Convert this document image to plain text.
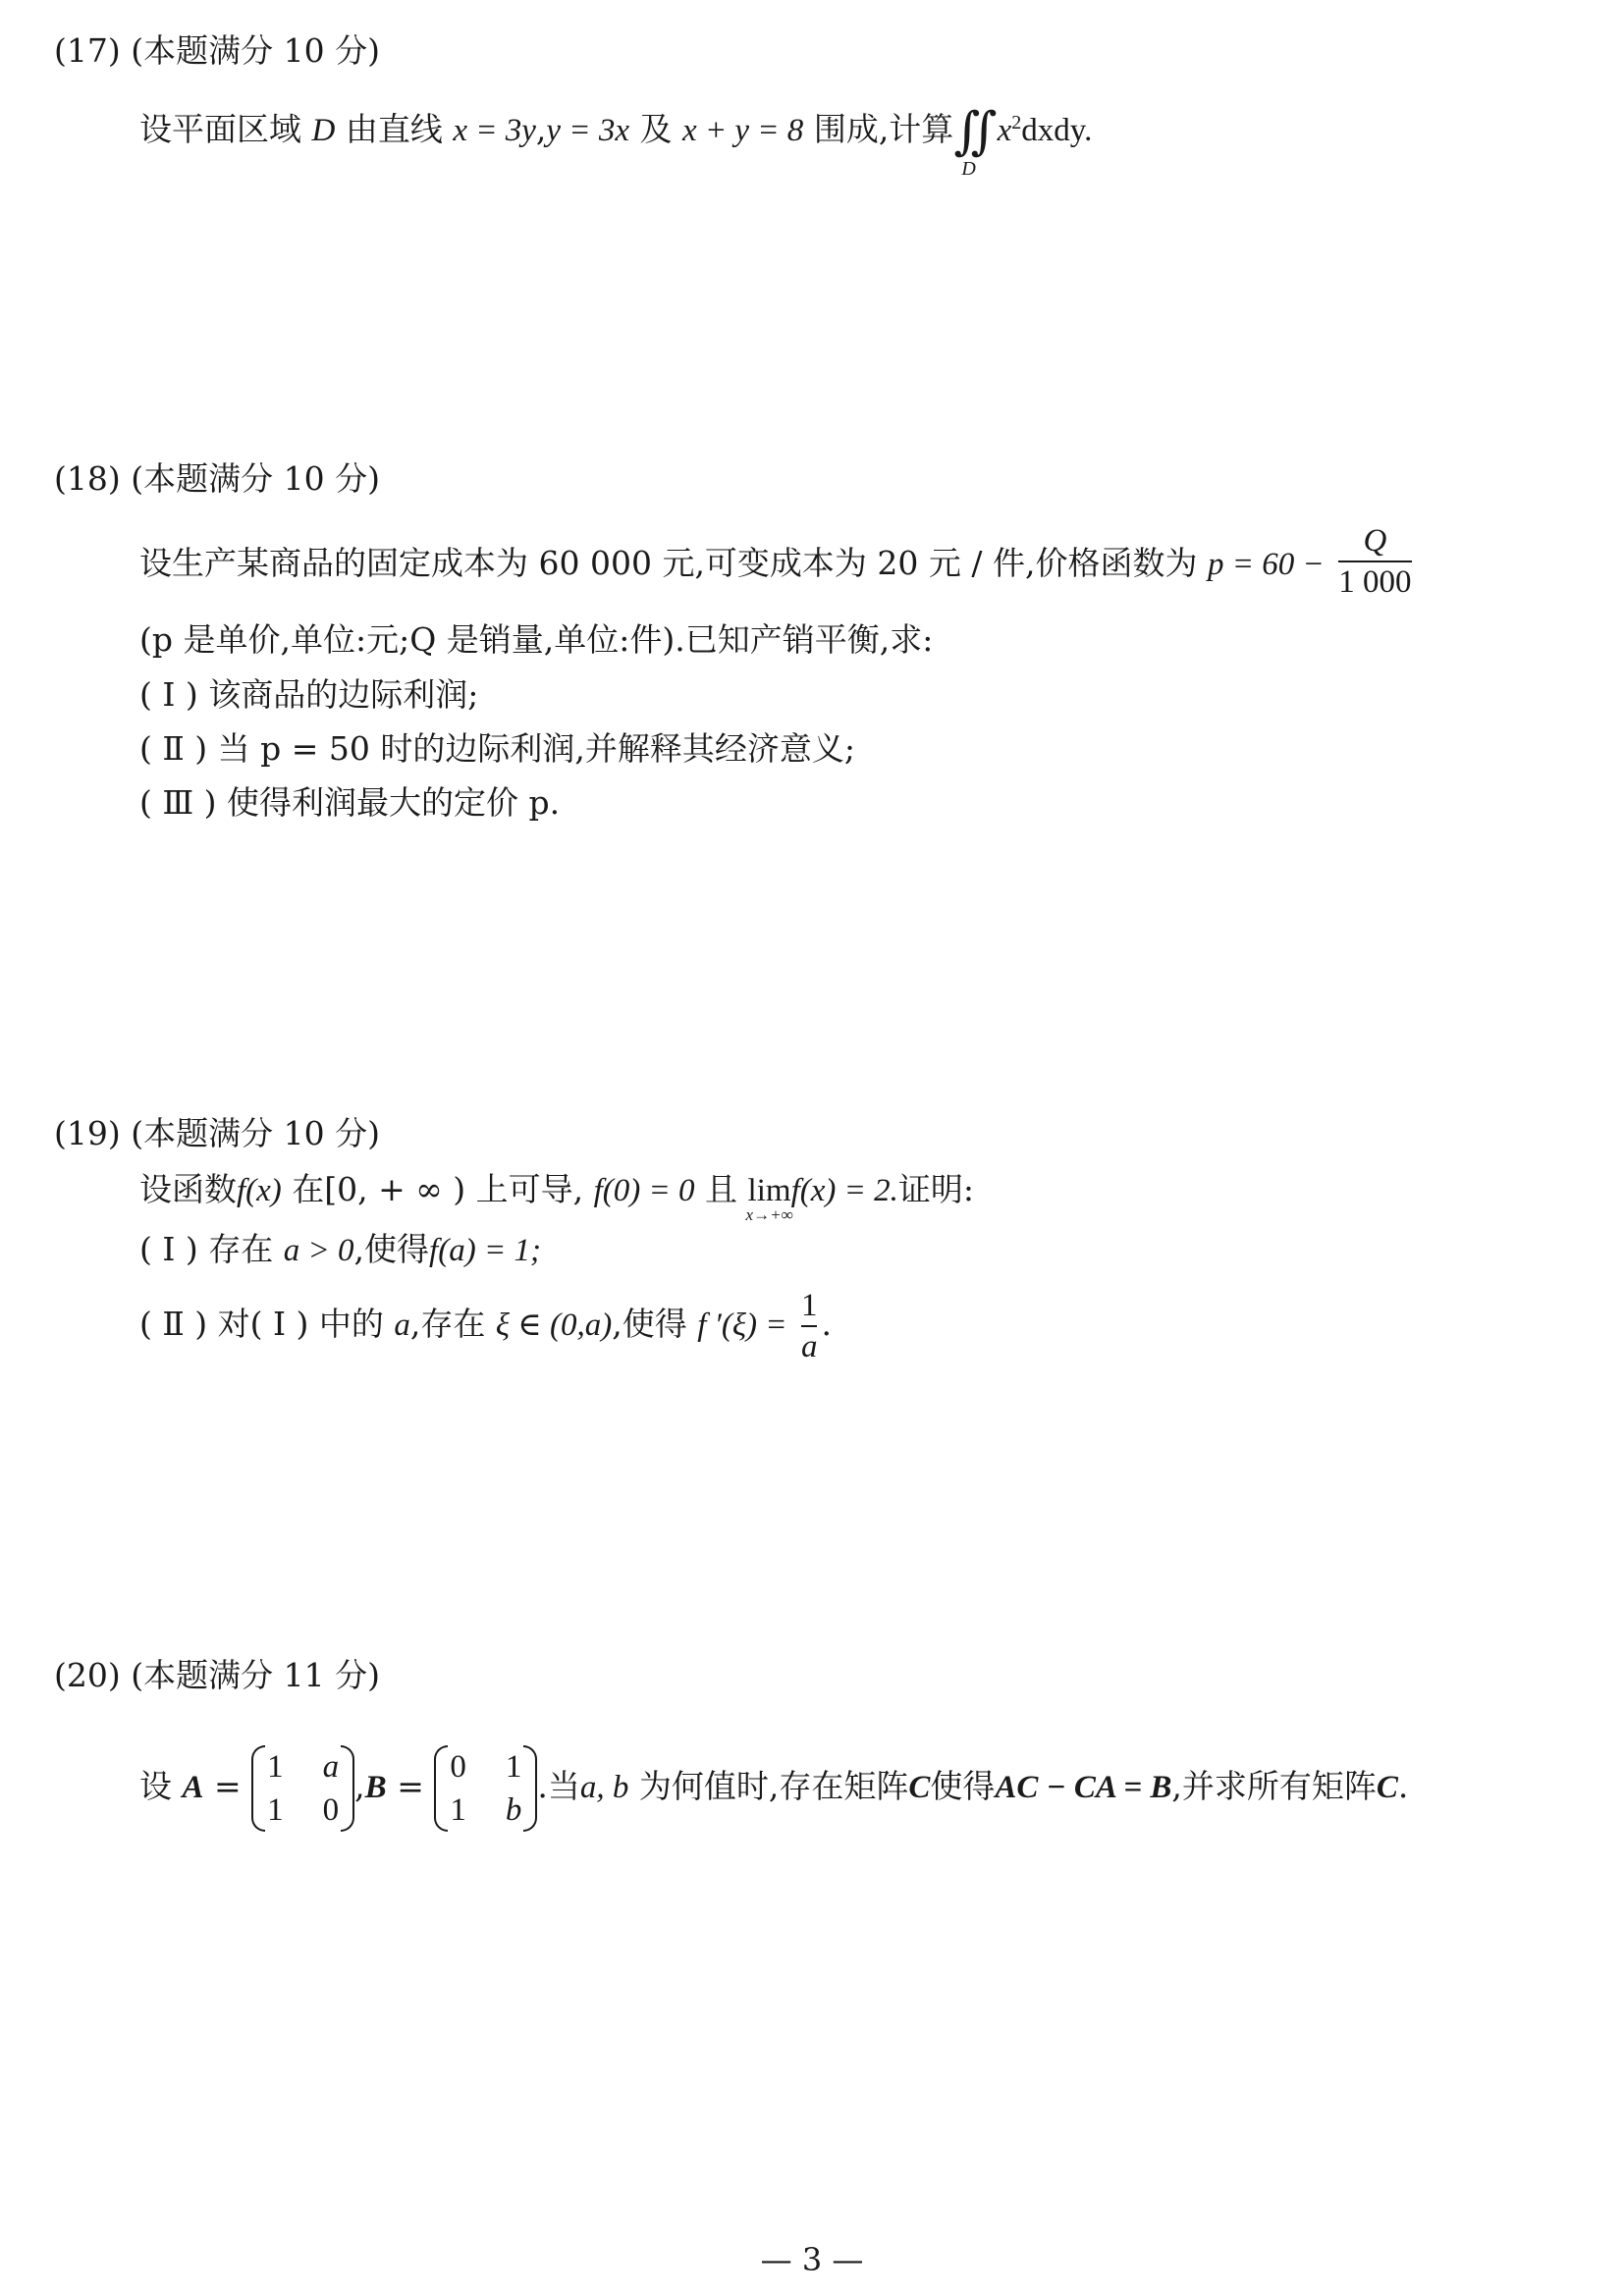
(17) (本题满分 10 分)
设平面区域 D 由直线 x = 3y,y = 3x 及 x + y = 8 围成,计算∬
D
$x^2dxdy$.
(18) (本题满分 10 分)
设生产某商品的固定成本为 60 000 元,可变成本为 20 元 / 件,价格函数为 $p = 60 - \frac{Q}{1 000}$
(p 是单价,单位:元;Q 是销量,单位:件).已知产销平衡,求:
( Ⅰ ) 该商品的边际利润;
( Ⅱ ) 当 p = 50 时的边际利润,并解释其经济意义;
( Ⅲ ) 使得利润最大的定价 p.
(19) (本题满分 10 分)
设函数f(x) 在[0, + ∞ ) 上可导, f(0) = 0 且 lim
x→+∞
f(x) = 2.证明:
( Ⅰ ) 存在 a > 0,使得f(a) = 1;
( Ⅱ ) 对( Ⅰ ) 中的 a,存在 ξ ∈ (0,a),使得 f $'(\xi) = \frac{1}{a}$ .
(20) (本题满分 11 分)
设 A = 1 a
1 0
,B = 0 1
1 b
.当a, b 为何值时,存在矩阵C使得AC − CA = B,并求所有矩阵C.
— 3 —
